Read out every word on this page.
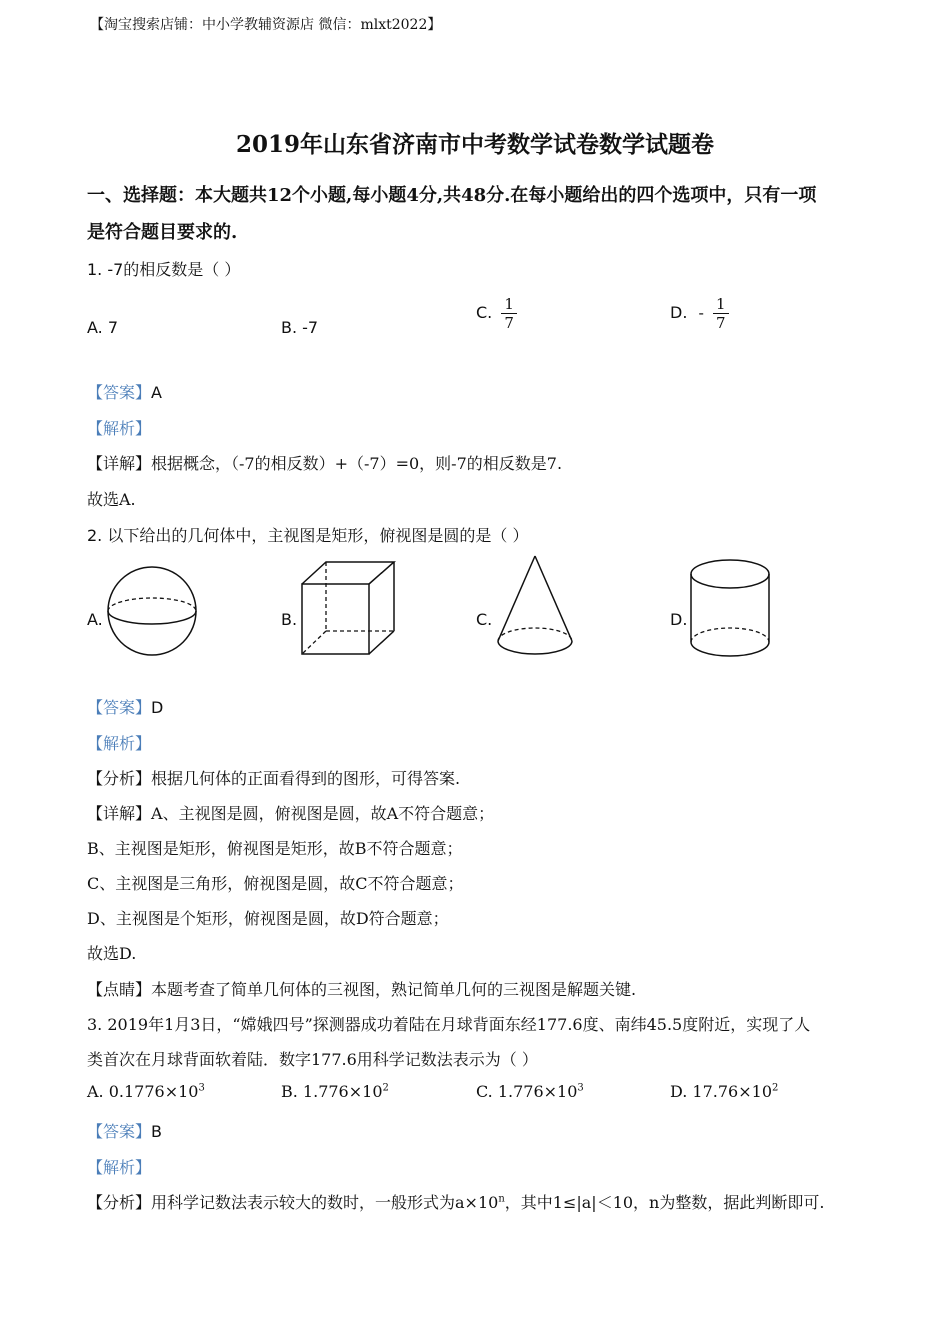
【淘宝搜索店铺：中小学教辅资源店 微信：mlxt2022】
2019年山东省济南市中考数学试卷数学试题卷
一、选择题：本大题共12个小题,每小题4分,共48分.在每小题给出的四个选项中，只有一项
是符合题目要求的.
1. -7的相反数是（ ）
A. 7	B. -7
C. $\frac{1}{7}$	D. - $\frac{1}{7}$
【答案】A
【解析】
【详解】根据概念，（-7的相反数）+（-7）=0，则-7的相反数是7.
故选A.
2. 以下给出的几何体中，主视图是矩形，俯视图是圆的是（ ）
A.	B.	C.	D.
【答案】D
【解析】
【分析】根据几何体的正面看得到的图形，可得答案.
【详解】A、主视图是圆，俯视图是圆，故A不符合题意；
B、主视图是矩形，俯视图是矩形，故B不符合题意；
C、主视图是三角形，俯视图是圆，故C不符合题意；
D、主视图是个矩形，俯视图是圆，故D符合题意；
故选D.
【点睛】本题考查了简单几何体的三视图，熟记简单几何的三视图是解题关键.
3. 2019年1月3日，“嫦娥四号”探测器成功着陆在月球背面东经177.6度、南纬45.5度附近，实现了人
类首次在月球背面软着陆．数字177.6用科学记数法表示为（ ）
A. $0.1776\times 10^3$	B. $1.776\times 10^2$	C. $1.776\times 10^3$	D. $17.76\times 10^2$
【答案】B
【解析】
【分析】用科学记数法表示较大的数时，一般形式为$a\times 10^n$，其中1≤|a|＜10，n为整数，据此判断即可.
